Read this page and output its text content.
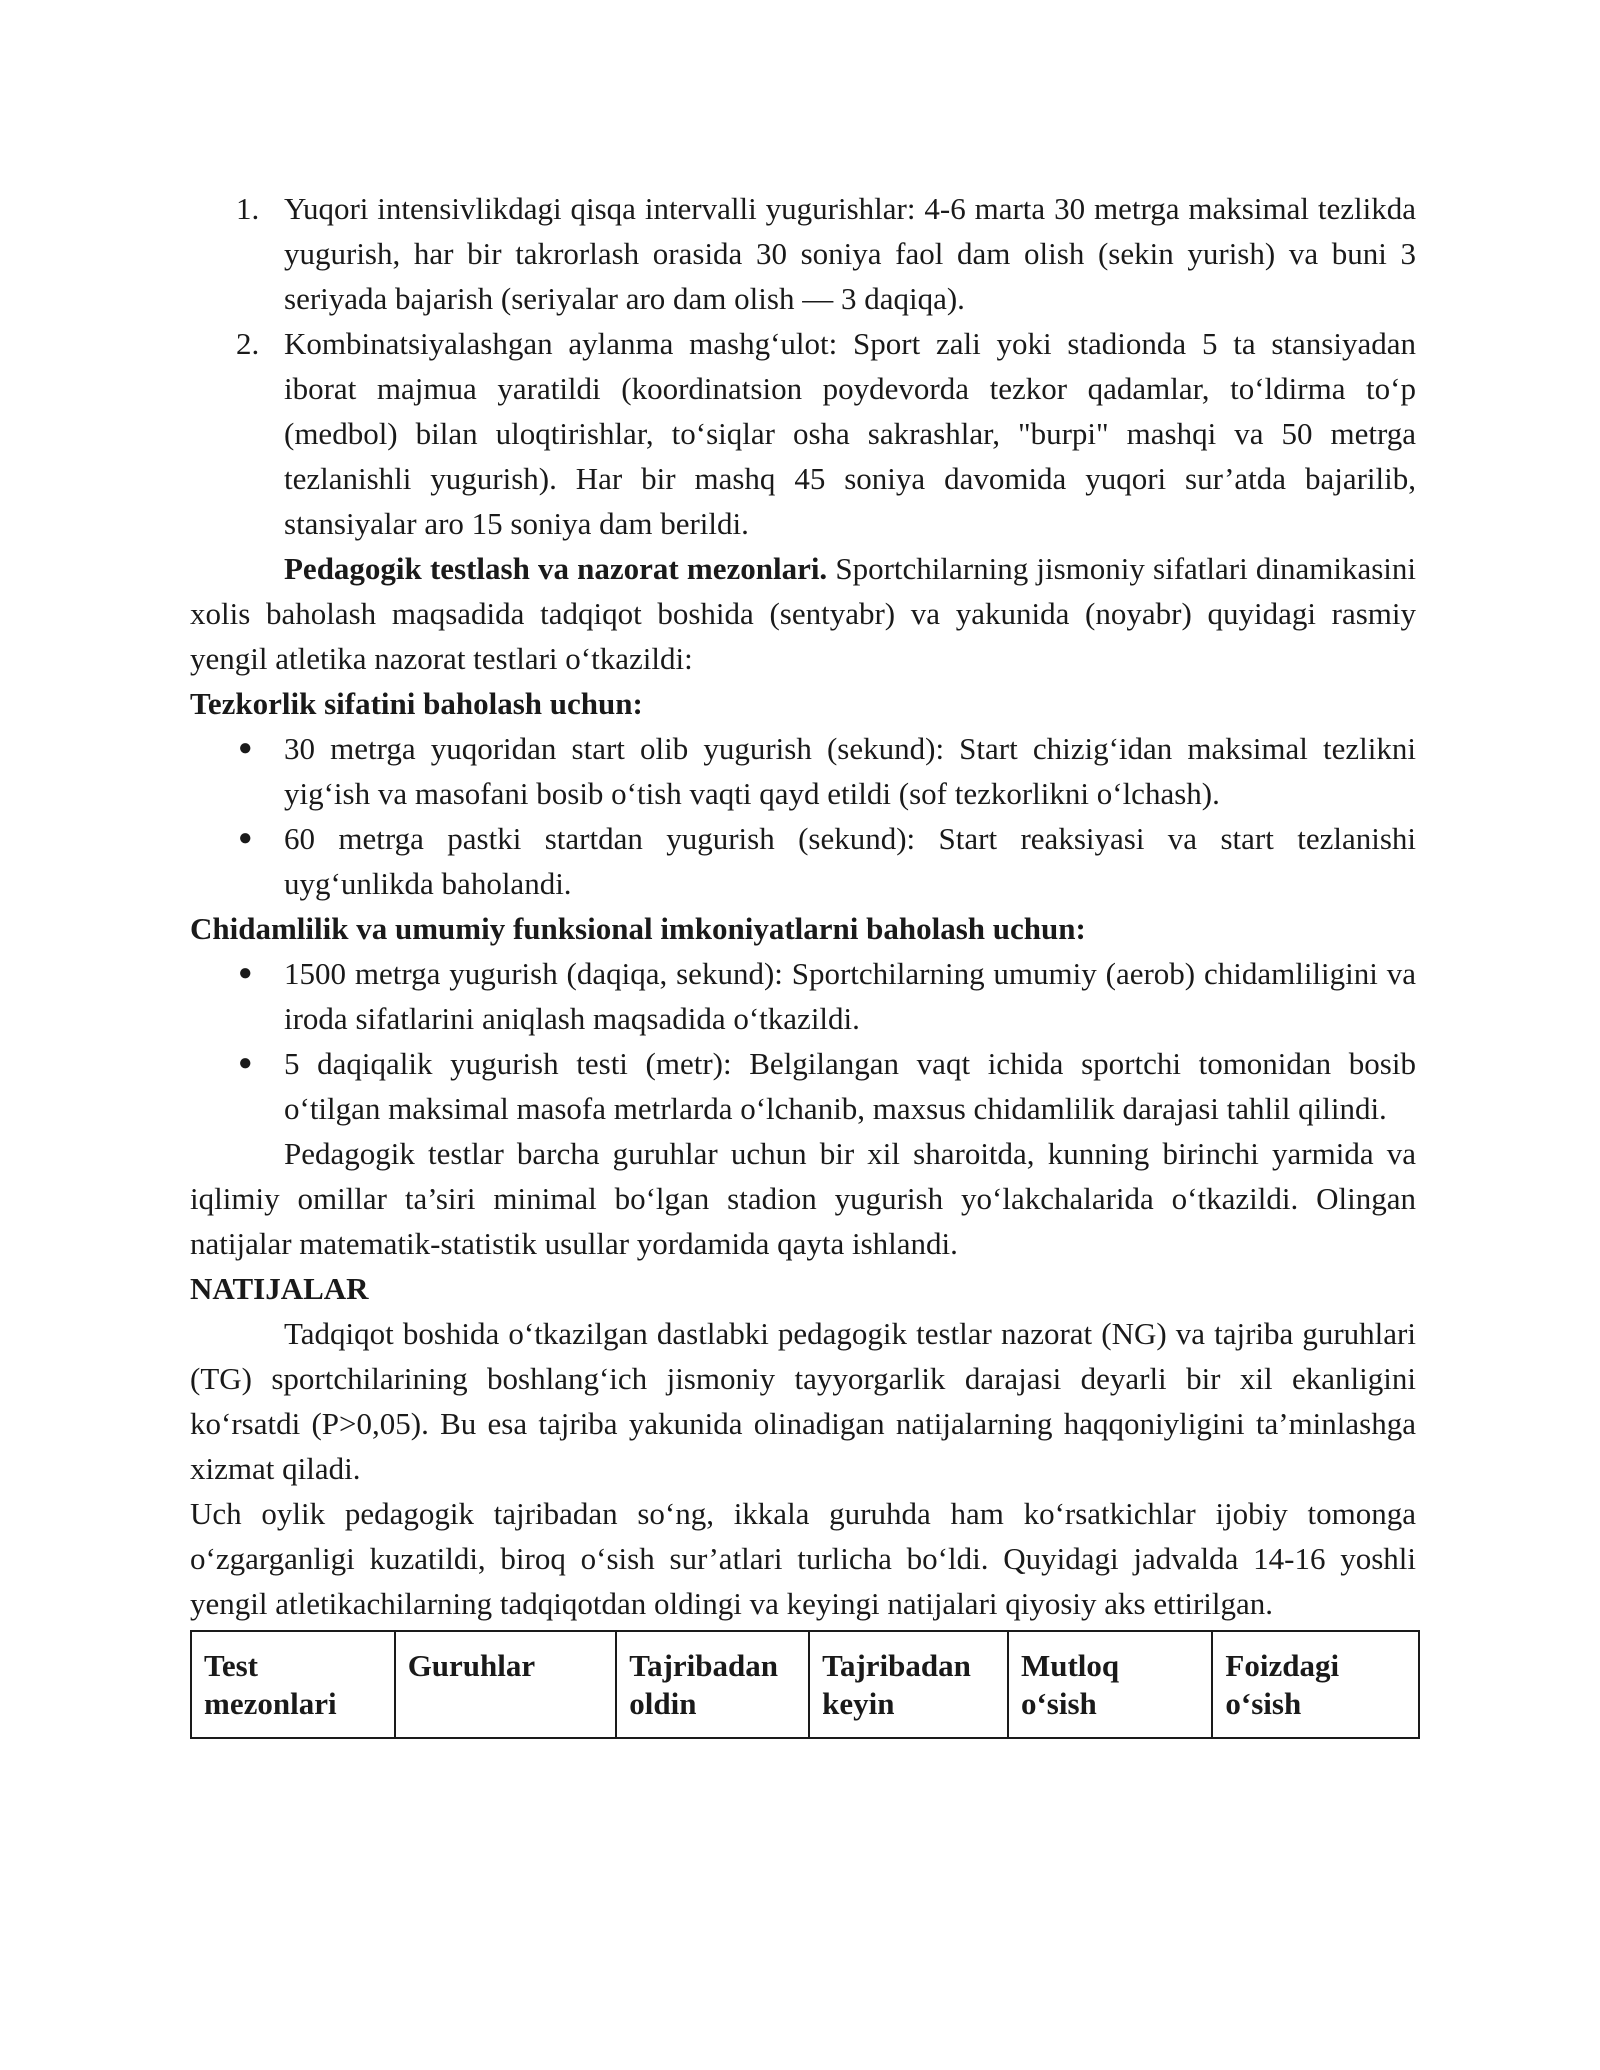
1. Yuqori intensivlikdagi qisqa intervalli yugurishlar: 4-6 marta 30 metrga maksimal tezlikda yugurish, har bir takrorlash orasida 30 soniya faol dam olish (sekin yurish) va buni 3 seriyada bajarish (seriyalar aro dam olish — 3 daqiqa).
2. Kombinatsiyalashgan aylanma mashg‘ulot: Sport zali yoki stadionda 5 ta stansiyadan iborat majmua yaratildi (koordinatsion poydevorda tezkor qadamlar, to‘ldirma to‘p (medbol) bilan uloqtirishlar, to‘siqlar osha sakrashlar, "burpi" mashqi va 50 metrga tezlanishli yugurish). Har bir mashq 45 soniya davomida yuqori sur’atda bajarilib, stansiyalar aro 15 soniya dam berildi.

Pedagogik testlash va nazorat mezonlari. Sportchilarning jismoniy sifatlari dinamikasini xolis baholash maqsadida tadqiqot boshida (sentyabr) va yakunida (noyabr) quyidagi rasmiy yengil atletika nazorat testlari o‘tkazildi:

Tezkorlik sifatini baholash uchun:

● 30 metrga yuqoridan start olib yugurish (sekund): Start chizig‘idan maksimal tezlikni yig‘ish va masofani bosib o‘tish vaqti qayd etildi (sof tezkorlikni o‘lchash).
● 60 metrga pastki startdan yugurish (sekund): Start reaksiyasi va start tezlanishi uyg‘unlikda baholandi.

Chidamlilik va umumiy funksional imkoniyatlarni baholash uchun:

● 1500 metrga yugurish (daqiqa, sekund): Sportchilarning umumiy (aerob) chidamliligini va iroda sifatlarini aniqlash maqsadida o‘tkazildi.
● 5 daqiqalik yugurish testi (metr): Belgilangan vaqt ichida sportchi tomonidan bosib o‘tilgan maksimal masofa metrlarda o‘lchanib, maxsus chidamlilik darajasi tahlil qilindi.

Pedagogik testlar barcha guruhlar uchun bir xil sharoitda, kunning birinchi yarmida va iqlimiy omillar ta’siri minimal bo‘lgan stadion yugurish yo‘lakchalarida o‘tkazildi. Olingan natijalar matematik-statistik usullar yordamida qayta ishlandi.

NATIJALAR

Tadqiqot boshida o‘tkazilgan dastlabki pedagogik testlar nazorat (NG) va tajriba guruhlari (TG) sportchilarining boshlang‘ich jismoniy tayyorgarlik darajasi deyarli bir xil ekanligini ko‘rsatdi (P>0,05). Bu esa tajriba yakunida olinadigan natijalarning haqqoniyligini ta’minlashga xizmat qiladi.

Uch oylik pedagogik tajribadan so‘ng, ikkala guruhda ham ko‘rsatkichlar ijobiy tomonga o‘zgarganligi kuzatildi, biroq o‘sish sur’atlari turlicha bo‘ldi. Quyidagi jadvalda 14-16 yoshli yengil atletikachilarning tadqiqotdan oldingi va keyingi natijalari qiyosiy aks ettirilgan.

Test mezonlari	Guruhlar	Tajribadan oldin	Tajribadan keyin	Mutloq o‘sish	Foizdagi o‘sish
